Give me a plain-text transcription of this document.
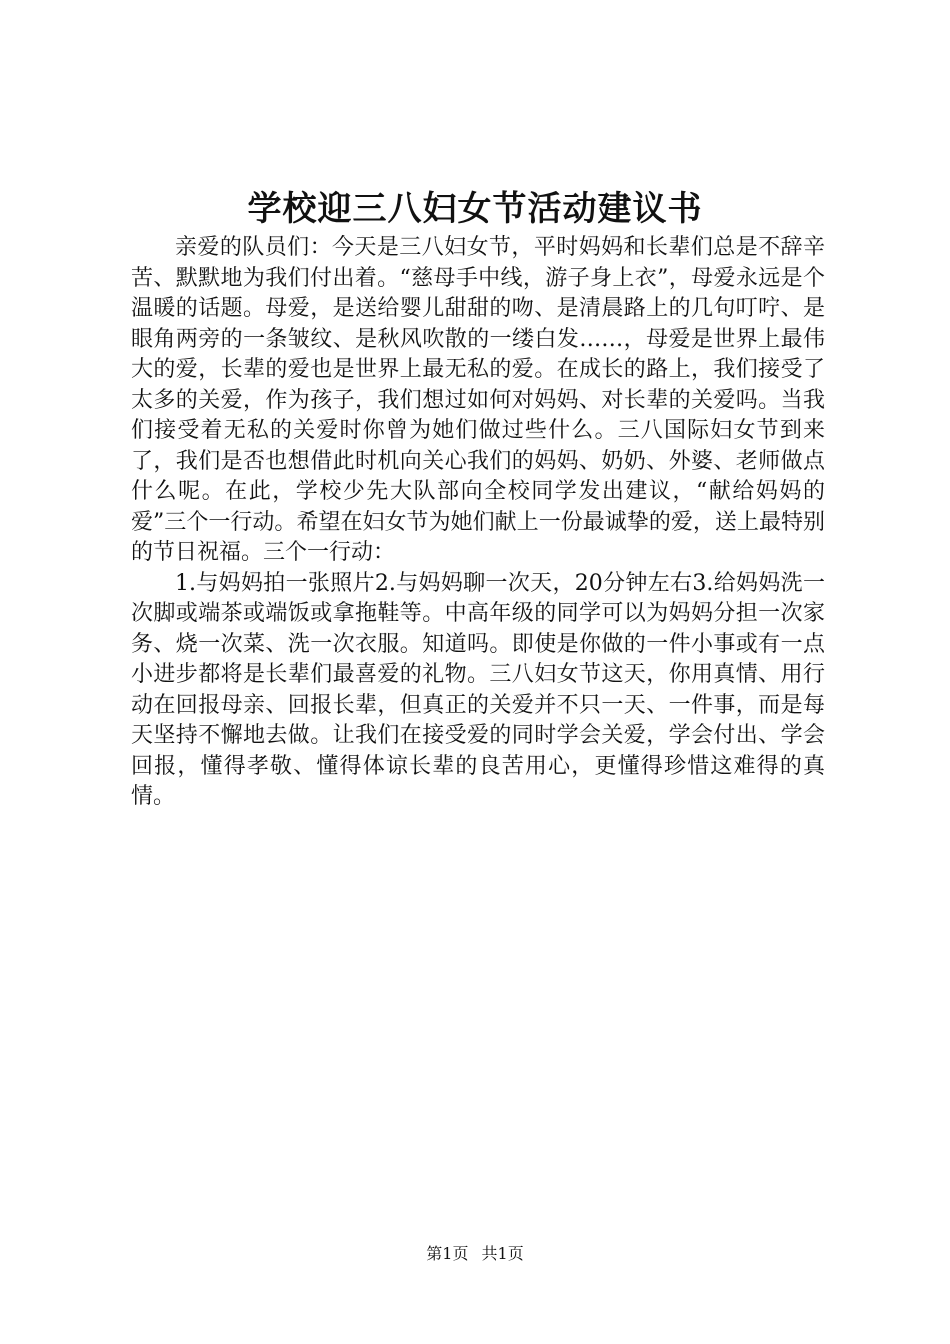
学校迎三八妇女节活动建议书

亲爱的队员们：今天是三八妇女节，平时妈妈和长辈们总是不辞辛苦、默默地为我们付出着。“慈母手中线，游子身上衣”，母爱永远是个温暖的话题。母爱，是送给婴儿甜甜的吻、是清晨路上的几句叮咛、是眼角两旁的一条皱纹、是秋风吹散的一缕白发……，母爱是世界上最伟大的爱，长辈的爱也是世界上最无私的爱。在成长的路上，我们接受了太多的关爱，作为孩子，我们想过如何对妈妈、对长辈的关爱吗。当我们接受着无私的关爱时你曾为她们做过些什么。三八国际妇女节到来了，我们是否也想借此时机向关心我们的妈妈、奶奶、外婆、老师做点什么呢。在此，学校少先大队部向全校同学发出建议，“献给妈妈的爱”三个一行动。希望在妇女节为她们献上一份最诚挚的爱，送上最特别的节日祝福。三个一行动：

1.与妈妈拍一张照片2.与妈妈聊一次天，20分钟左右3.给妈妈洗一次脚或端茶或端饭或拿拖鞋等。中高年级的同学可以为妈妈分担一次家务、烧一次菜、洗一次衣服。知道吗。即使是你做的一件小事或有一点小进步都将是长辈们最喜爱的礼物。三八妇女节这天，你用真情、用行动在回报母亲、回报长辈，但真正的关爱并不只一天、一件事，而是每天坚持不懈地去做。让我们在接受爱的同时学会关爱，学会付出、学会回报，懂得孝敬、懂得体谅长辈的良苦用心，更懂得珍惜这难得的真情。

第1页 共1页
